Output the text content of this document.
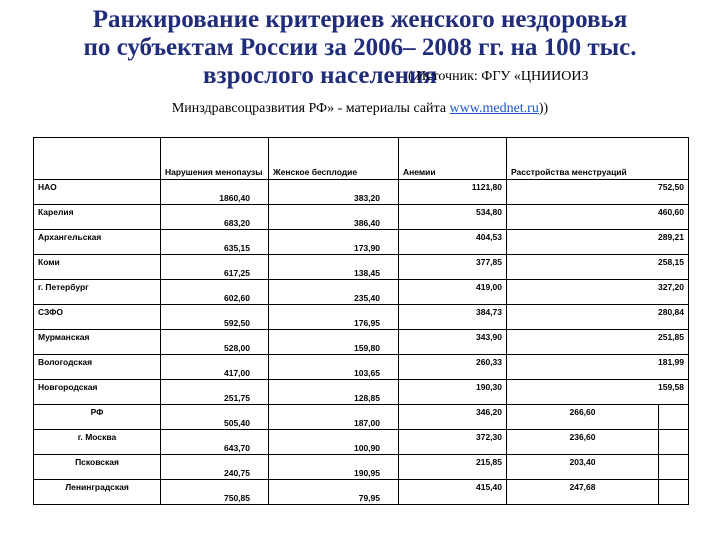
Ранжирование критериев женского нездоровья
по субъектам России за 2006– 2008 гг. на 100 тыс.
взрослого населения
( Источник: ФГУ «ЦНИИОИЗ
Минздравсоцразвития РФ» - материалы сайта www.mednet.ru))
	Нарушения менопаузы	Женское бесплодие	Анемии	Расстройства менструаций	
НАО	1860,40	383,20	1121,80	752,50	
Карелия	683,20	386,40	534,80	460,60	
Архангельская	635,15	173,90	404,53	289,21	
Коми	617,25	138,45	377,85	258,15	
г. Петербург	602,60	235,40	419,00	327,20	
СЗФО	592,50	176,95	384,73	280,84	
Мурманская	528,00	159,80	343,90	251,85	
Вологодская	417,00	103,65	260,33	181,99	
Новгородская	251,75	128,85	190,30	159,58	
РФ	505,40	187,00	346,20	266,60	
г. Москва	643,70	100,90	372,30	236,60	
Псковская	240,75	190,95	215,85	203,40	
Ленинградская	750,85	79,95	415,40	247,68	
